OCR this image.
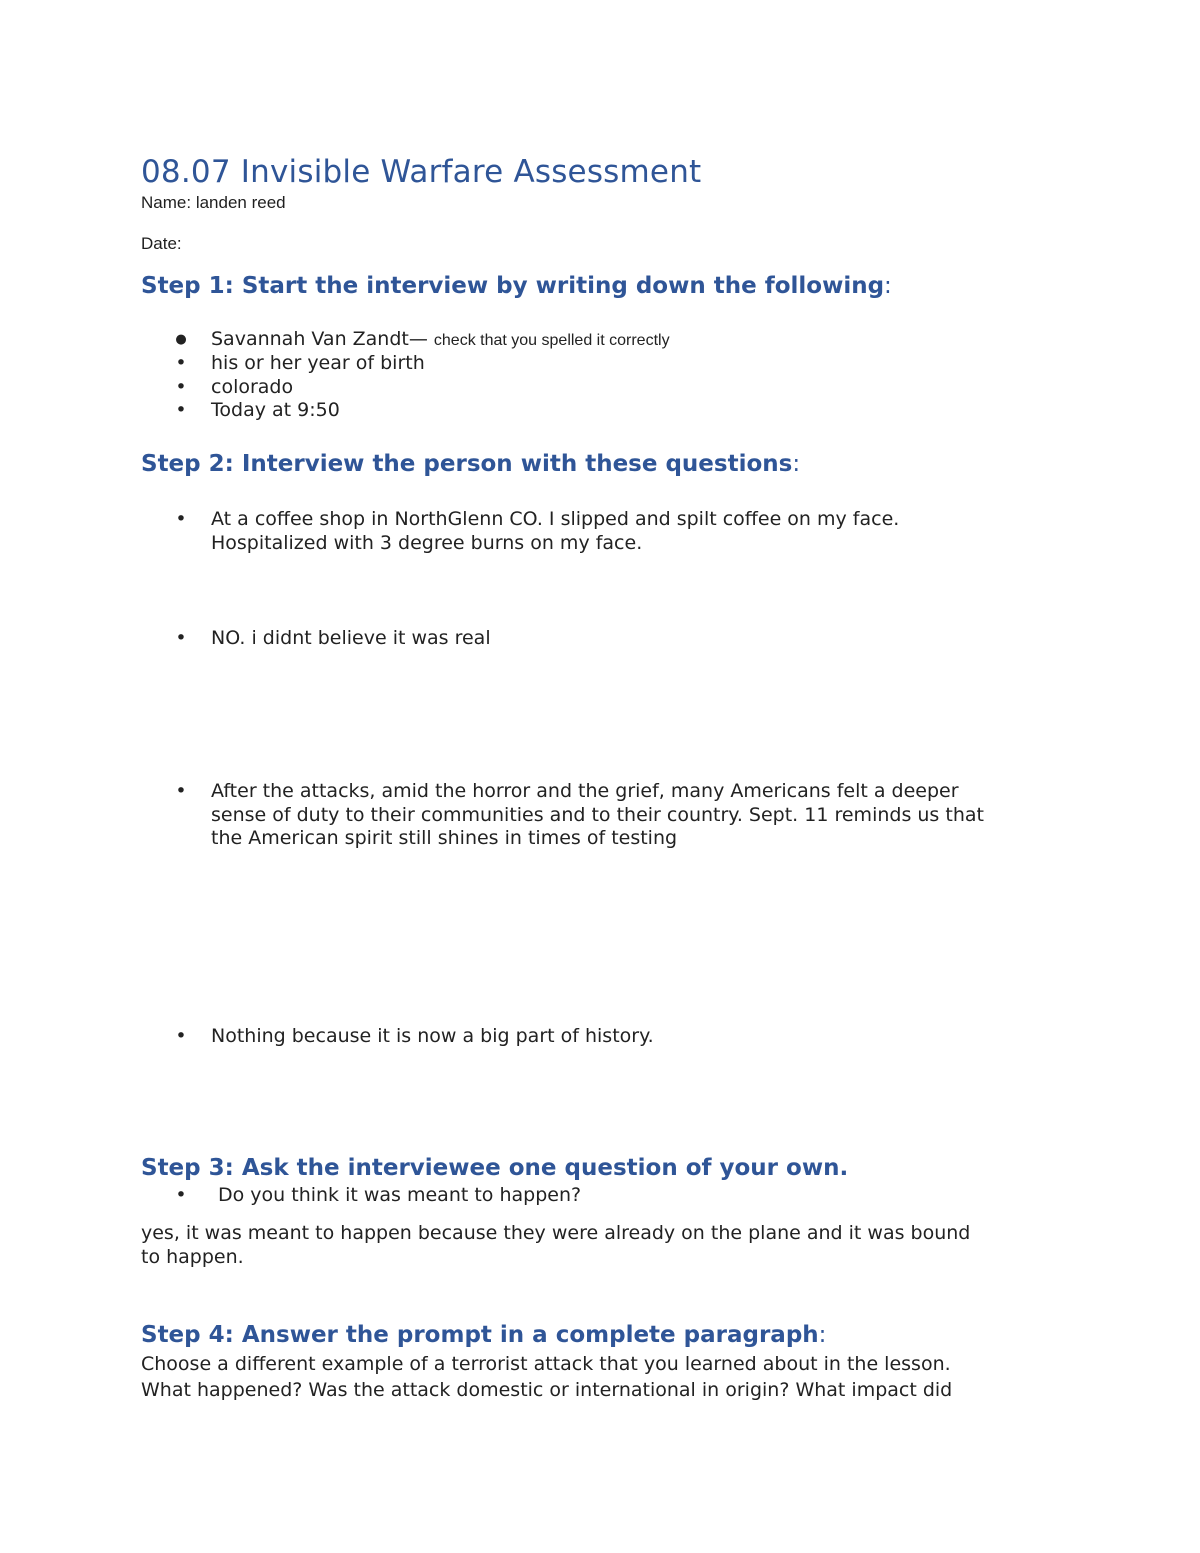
08.07 Invisible Warfare Assessment
Name: landen reed
Date:
Step 1: Start the interview by writing down the following:
● Savannah Van Zandt— check that you spelled it correctly
• his or her year of birth
• colorado
• Today at 9:50
Step 2: Interview the person with these questions:
• At a coffee shop in NorthGlenn CO. I slipped and spilt coffee on my face.
Hospitalized with 3 degree burns on my face.
• NO. i didnt believe it was real
• After the attacks, amid the horror and the grief, many Americans felt a deeper
sense of duty to their communities and to their country. Sept. 11 reminds us that
the American spirit still shines in times of testing
• Nothing because it is now a big part of history.
Step 3: Ask the interviewee one question of your own.
• Do you think it was meant to happen?
yes, it was meant to happen because they were already on the plane and it was bound
to happen.
Step 4: Answer the prompt in a complete paragraph:
Choose a different example of a terrorist attack that you learned about in the lesson.
What happened? Was the attack domestic or international in origin? What impact did
